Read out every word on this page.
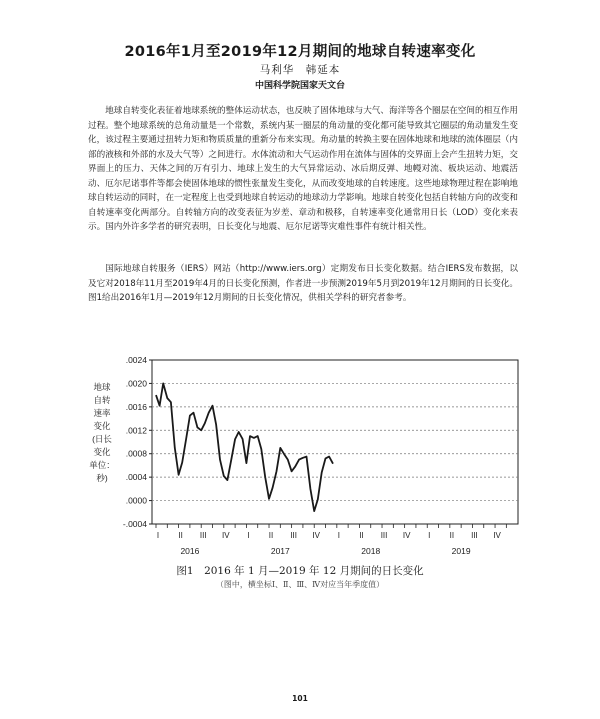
2016年1月至2019年12月期间的地球自转速率变化
马利华　韩延本
中国科学院国家天文台

地球自转变化表征着地球系统的整体运动状态，也反映了固体地球与大气、海洋等各个圈层在空间的相互作用过程。整个地球系统的总角动量是一个常数，系统内某一圈层的角动量的变化都可能导致其它圈层的角动量发生变化，该过程主要通过扭转力矩和物质质量的重新分布来实现。角动量的转换主要在固体地球和地球的流体圈层（内部的液核和外部的水及大气等）之间进行。水体流动和大气运动作用在流体与固体的交界面上会产生扭转力矩，交界面上的压力、天体之间的万有引力、地球上发生的大气异常运动、冰后期反弹、地幔对流、板块运动、地震活动、厄尔尼诺事件等都会使固体地球的惯性张量发生变化，从而改变地球的自转速度。这些地球物理过程在影响地球自转运动的同时，在一定程度上也受到地球自转运动的地球动力学影响。地球自转变化包括自转轴方向的改变和自转速率变化两部分。自转轴方向的改变表征为岁差、章动和极移，自转速率变化通常用日长（LOD）变化来表示。国内外许多学者的研究表明，日长变化与地震、厄尔尼诺等灾难性事件有统计相关性。

国际地球自转服务（IERS）网站（http://www.iers.org）定期发布日长变化数据。结合IERS发布数据，以及它对2018年11月至2019年4月的日长变化预测，作者进一步预测2019年5月到2019年12月期间的日长变化。图1给出2016年1月—2019年12月期间的日长变化情况，供相关学科的研究者参考。

.0024
.0020
.0016
.0012
.0008
.0004
.0000
-.0004
地球
自转
速率
变化
(日长
变化
单位：
秒)
I II III IV I II III IV I II III IV I II III IV
2016	2017	2018	2019
图1　2016 年 1 月—2019 年 12 月期间的日长变化
（图中，横坐标Ⅰ、Ⅱ、Ⅲ、Ⅳ对应当年季度值）
101
